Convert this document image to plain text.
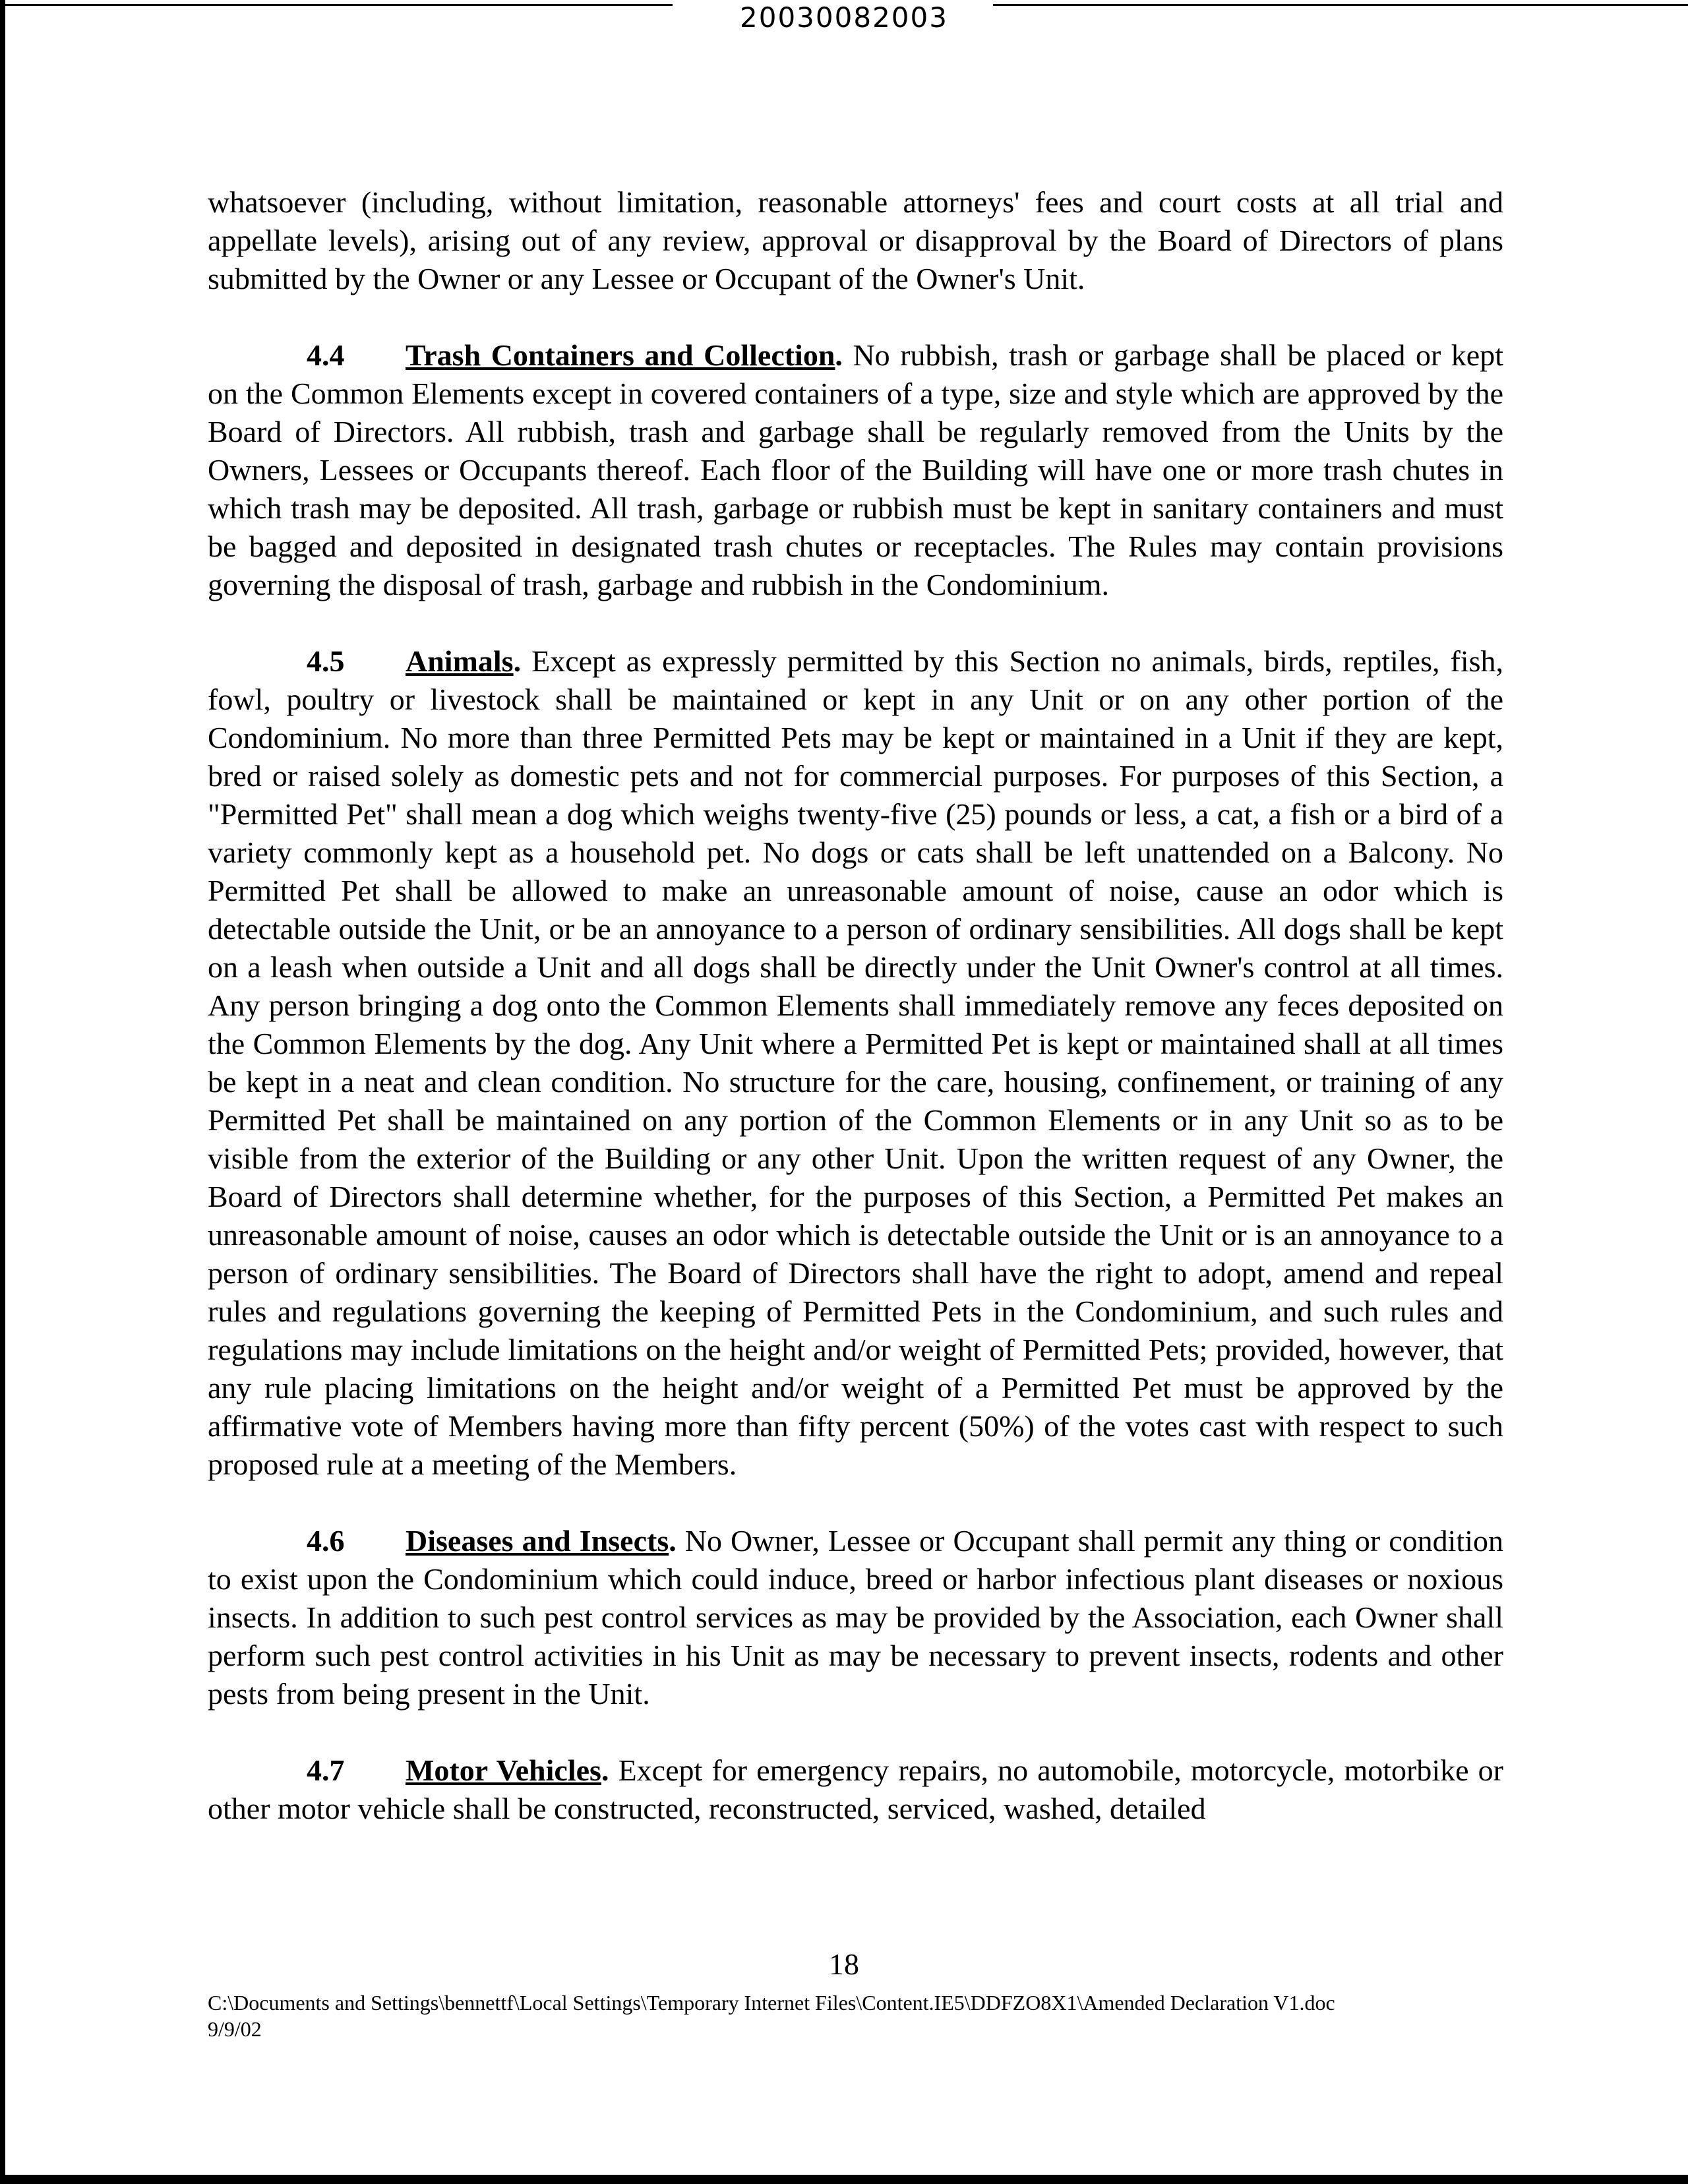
20030082003

whatsoever (including, without limitation, reasonable attorneys' fees and court costs at all trial and appellate levels), arising out of any review, approval or disapproval by the Board of Directors of plans submitted by the Owner or any Lessee or Occupant of the Owner's Unit.

4.4 Trash Containers and Collection. No rubbish, trash or garbage shall be placed or kept on the Common Elements except in covered containers of a type, size and style which are approved by the Board of Directors. All rubbish, trash and garbage shall be regularly removed from the Units by the Owners, Lessees or Occupants thereof. Each floor of the Building will have one or more trash chutes in which trash may be deposited. All trash, garbage or rubbish must be kept in sanitary containers and must be bagged and deposited in designated trash chutes or receptacles. The Rules may contain provisions governing the disposal of trash, garbage and rubbish in the Condominium.

4.5 Animals. Except as expressly permitted by this Section no animals, birds, reptiles, fish, fowl, poultry or livestock shall be maintained or kept in any Unit or on any other portion of the Condominium. No more than three Permitted Pets may be kept or maintained in a Unit if they are kept, bred or raised solely as domestic pets and not for commercial purposes. For purposes of this Section, a "Permitted Pet" shall mean a dog which weighs twenty-five (25) pounds or less, a cat, a fish or a bird of a variety commonly kept as a household pet. No dogs or cats shall be left unattended on a Balcony. No Permitted Pet shall be allowed to make an unreasonable amount of noise, cause an odor which is detectable outside the Unit, or be an annoyance to a person of ordinary sensibilities. All dogs shall be kept on a leash when outside a Unit and all dogs shall be directly under the Unit Owner's control at all times. Any person bringing a dog onto the Common Elements shall immediately remove any feces deposited on the Common Elements by the dog. Any Unit where a Permitted Pet is kept or maintained shall at all times be kept in a neat and clean condition. No structure for the care, housing, confinement, or training of any Permitted Pet shall be maintained on any portion of the Common Elements or in any Unit so as to be visible from the exterior of the Building or any other Unit. Upon the written request of any Owner, the Board of Directors shall determine whether, for the purposes of this Section, a Permitted Pet makes an unreasonable amount of noise, causes an odor which is detectable outside the Unit or is an annoyance to a person of ordinary sensibilities. The Board of Directors shall have the right to adopt, amend and repeal rules and regulations governing the keeping of Permitted Pets in the Condominium, and such rules and regulations may include limitations on the height and/or weight of Permitted Pets; provided, however, that any rule placing limitations on the height and/or weight of a Permitted Pet must be approved by the affirmative vote of Members having more than fifty percent (50%) of the votes cast with respect to such proposed rule at a meeting of the Members.

4.6 Diseases and Insects. No Owner, Lessee or Occupant shall permit any thing or condition to exist upon the Condominium which could induce, breed or harbor infectious plant diseases or noxious insects. In addition to such pest control services as may be provided by the Association, each Owner shall perform such pest control activities in his Unit as may be necessary to prevent insects, rodents and other pests from being present in the Unit.

4.7 Motor Vehicles. Except for emergency repairs, no automobile, motorcycle, motorbike or other motor vehicle shall be constructed, reconstructed, serviced, washed, detailed

18
C:\Documents and Settings\bennettf\Local Settings\Temporary Internet Files\Content.IE5\DDFZO8X1\Amended Declaration V1.doc
9/9/02
